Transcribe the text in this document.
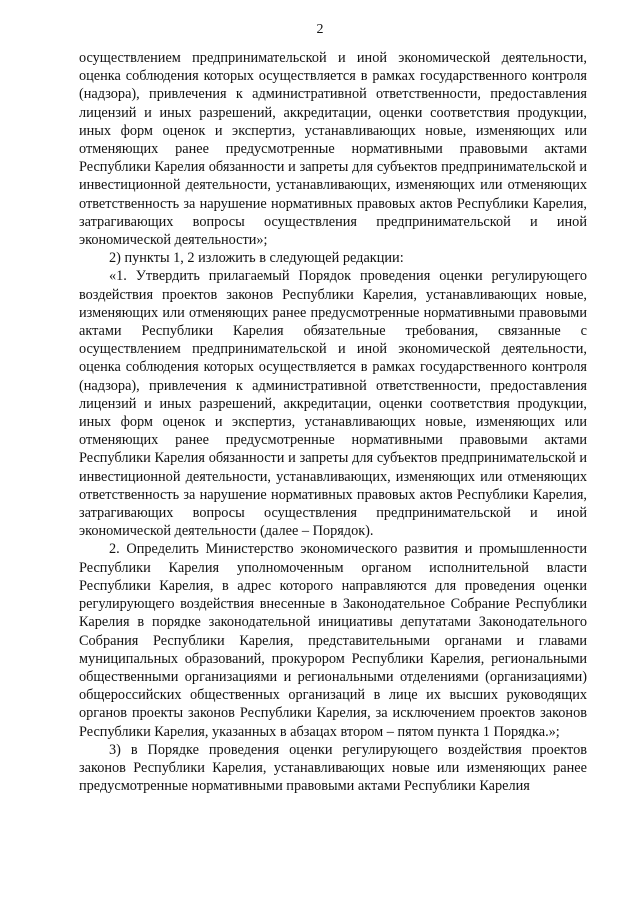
2

осуществлением предпринимательской и иной экономической деятельности, оценка соблюдения которых осуществляется в рамках государственного контроля (надзора), привлечения к административной ответственности, предоставления лицензий и иных разрешений, аккредитации, оценки соответствия продукции, иных форм оценок и экспертиз, устанавливающих новые, изменяющих или отменяющих ранее предусмотренные нормативными правовыми актами Республики Карелия обязанности и запреты для субъектов предпринимательской и инвестиционной деятельности, устанавливающих, изменяющих или отменяющих ответственность за нарушение нормативных правовых актов Республики Карелия, затрагивающих вопросы осуществления предпринимательской и иной экономической деятельности»;

2) пункты 1, 2 изложить в следующей редакции:

«1. Утвердить прилагаемый Порядок проведения оценки регулирующего воздействия проектов законов Республики Карелия, устанавливающих новые, изменяющих или отменяющих ранее предусмотренные нормативными правовыми актами Республики Карелия обязательные требования, связанные с осуществлением предпринимательской и иной экономической деятельности, оценка соблюдения которых осуществляется в рамках государственного контроля (надзора), привлечения к административной ответственности, предоставления лицензий и иных разрешений, аккредитации, оценки соответствия продукции, иных форм оценок и экспертиз, устанавливающих новые, изменяющих или отменяющих ранее предусмотренные нормативными правовыми актами Республики Карелия обязанности и запреты для субъектов предпринимательской и инвестиционной деятельности, устанавливающих, изменяющих или отменяющих ответственность за нарушение нормативных правовых актов Республики Карелия, затрагивающих вопросы осуществления предпринимательской и иной экономической деятельности (далее – Порядок).

2. Определить Министерство экономического развития и промышленности Республики Карелия уполномоченным органом исполнительной власти Республики Карелия, в адрес которого направляются для проведения оценки регулирующего воздействия внесенные в Законодательное Собрание Республики Карелия в порядке законодательной инициативы депутатами Законодательного Собрания Республики Карелия, представительными органами и главами муниципальных образований, прокурором Республики Карелия, региональными общественными организациями и региональными отделениями (организациями) общероссийских общественных организаций в лице их высших руководящих органов проекты законов Республики Карелия, за исключением проектов законов Республики Карелия, указанных в абзацах втором – пятом пункта 1 Порядка.»;

3) в Порядке проведения оценки регулирующего воздействия проектов законов Республики Карелия, устанавливающих новые или изменяющих ранее предусмотренные нормативными правовыми актами Республики Карелия
